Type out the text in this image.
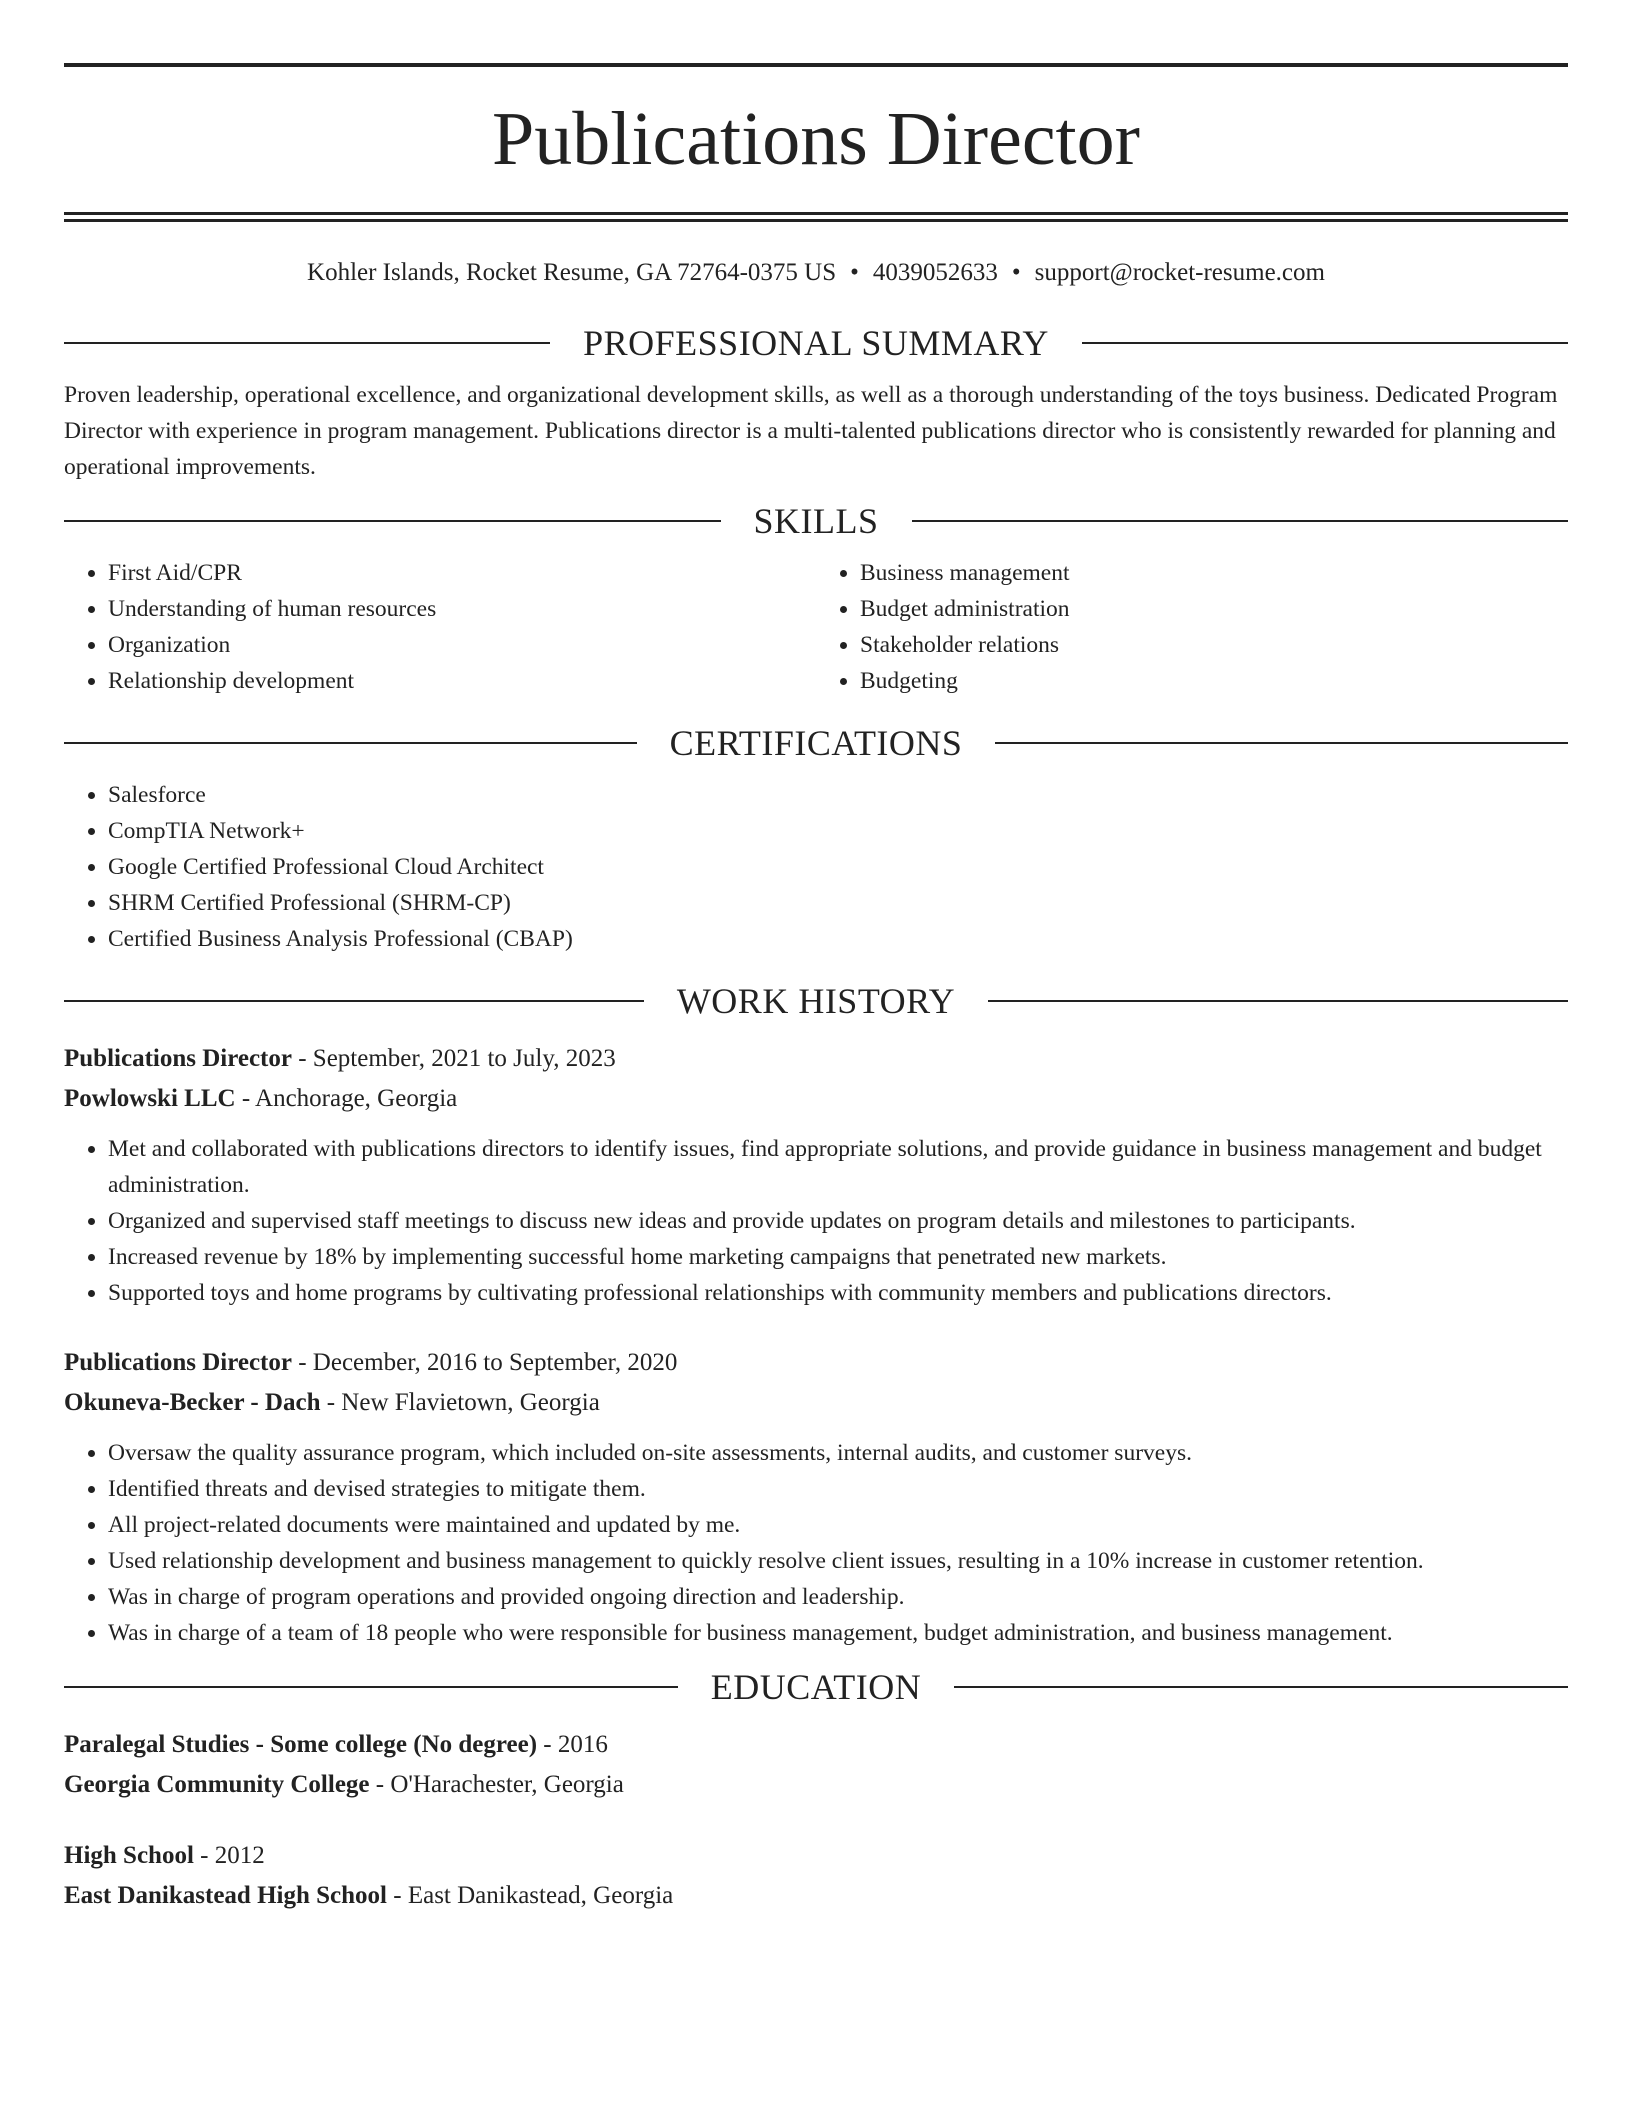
Publications Director
Kohler Islands, Rocket Resume, GA 72764-0375 US • 4039052633 • support@rocket-resume.com
PROFESSIONAL SUMMARY

Proven leadership, operational excellence, and organizational development skills, as well as a thorough understanding of the toys business. Dedicated Program Director with experience in program management. Publications director is a multi-talented publications director who is consistently rewarded for planning and operational improvements.

SKILLS
• First Aid/CPR
• Understanding of human resources
• Organization
• Relationship development
• Business management
• Budget administration
• Stakeholder relations
• Budgeting
CERTIFICATIONS
• Salesforce
• CompTIA Network+
• Google Certified Professional Cloud Architect
• SHRM Certified Professional (SHRM-CP)
• Certified Business Analysis Professional (CBAP)
WORK HISTORY
Publications Director - September, 2021 to July, 2023
Powlowski LLC - Anchorage, Georgia
• Met and collaborated with publications directors to identify issues, find appropriate solutions, and provide guidance in business management and budget administration.
• Organized and supervised staff meetings to discuss new ideas and provide updates on program details and milestones to participants.
• Increased revenue by 18% by implementing successful home marketing campaigns that penetrated new markets.
• Supported toys and home programs by cultivating professional relationships with community members and publications directors.
Publications Director - December, 2016 to September, 2020
Okuneva-Becker - Dach - New Flavietown, Georgia
• Oversaw the quality assurance program, which included on-site assessments, internal audits, and customer surveys.
• Identified threats and devised strategies to mitigate them.
• All project-related documents were maintained and updated by me.
• Used relationship development and business management to quickly resolve client issues, resulting in a 10% increase in customer retention.
• Was in charge of program operations and provided ongoing direction and leadership.
• Was in charge of a team of 18 people who were responsible for business management, budget administration, and business management.
EDUCATION
Paralegal Studies - Some college (No degree) - 2016
Georgia Community College - O'Harachester, Georgia
High School - 2012
East Danikastead High School - East Danikastead, Georgia
